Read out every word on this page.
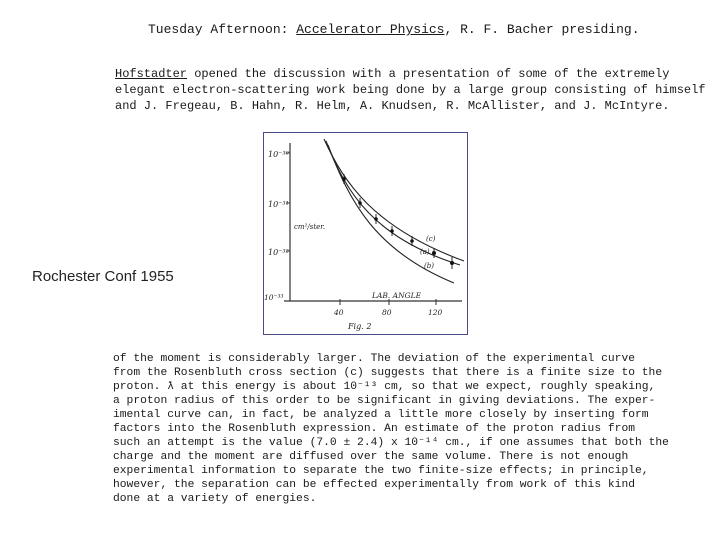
Tuesday Afternoon: Accelerator Physics, R. F. Bacher presiding.
Hofstadter opened the discussion with a presentation of some of the extremely
elegant electron-scattering work being done by a large group consisting of himself
and J. Fregeau, B. Hahn, R. Helm, A. Knudsen, R. McAllister, and J. McIntyre.
Rochester Conf 1955
10⁻³⁰
10⁻³¹
10⁻³²
10⁻³³
cm²/ster.
LAB. ANGLE
40	80	120
(c)
(a)
(b)
Fig. 2
of the moment is considerably larger. The deviation of the experimental curve
from the Rosenbluth cross section (c) suggests that there is a finite size to the
proton. ƛ at this energy is about 10⁻¹³ cm, so that we expect, roughly speaking,
a proton radius of this order to be significant in giving deviations. The exper-
imental curve can, in fact, be analyzed a little more closely by inserting form
factors into the Rosenbluth expression. An estimate of the proton radius from
such an attempt is the value (7.0 ± 2.4) x 10⁻¹⁴ cm., if one assumes that both the
charge and the moment are diffused over the same volume. There is not enough
experimental information to separate the two finite-size effects; in principle,
however, the separation can be effected experimentally from work of this kind
done at a variety of energies.
